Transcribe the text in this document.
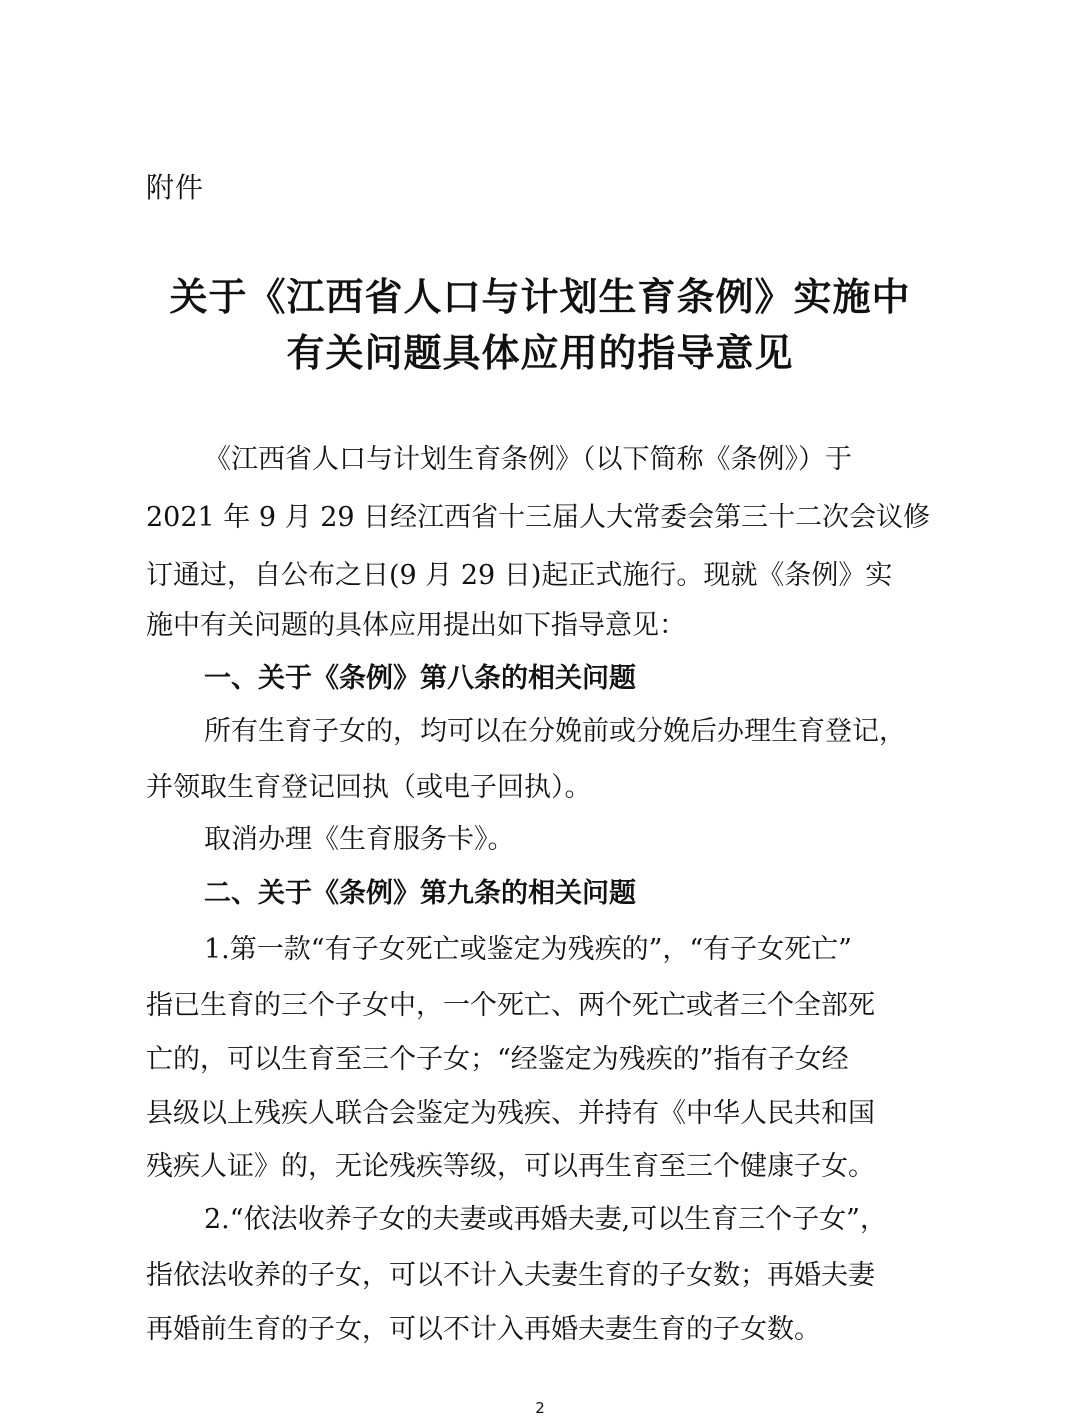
附件
关于《江西省人口与计划生育条例》实施中
有关问题具体应用的指导意见
《江西省人口与计划生育条例》（以下简称《条例》）于
2021 年 9 月 29 日经江西省十三届人大常委会第三十二次会议修
订通过，自公布之日(9 月 29 日)起正式施行。现就《条例》实
施中有关问题的具体应用提出如下指导意见：
一、关于《条例》第八条的相关问题
所有生育子女的，均可以在分娩前或分娩后办理生育登记，
并领取生育登记回执（或电子回执）。
取消办理《生育服务卡》。
二、关于《条例》第九条的相关问题
1.第一款“有子女死亡或鉴定为残疾的”，“有子女死亡”
指已生育的三个子女中，一个死亡、两个死亡或者三个全部死
亡的，可以生育至三个子女；“经鉴定为残疾的”指有子女经
县级以上残疾人联合会鉴定为残疾、并持有《中华人民共和国
残疾人证》的，无论残疾等级，可以再生育至三个健康子女。
2.“依法收养子女的夫妻或再婚夫妻,可以生育三个子女”，
指依法收养的子女，可以不计入夫妻生育的子女数；再婚夫妻
再婚前生育的子女，可以不计入再婚夫妻生育的子女数。
2
